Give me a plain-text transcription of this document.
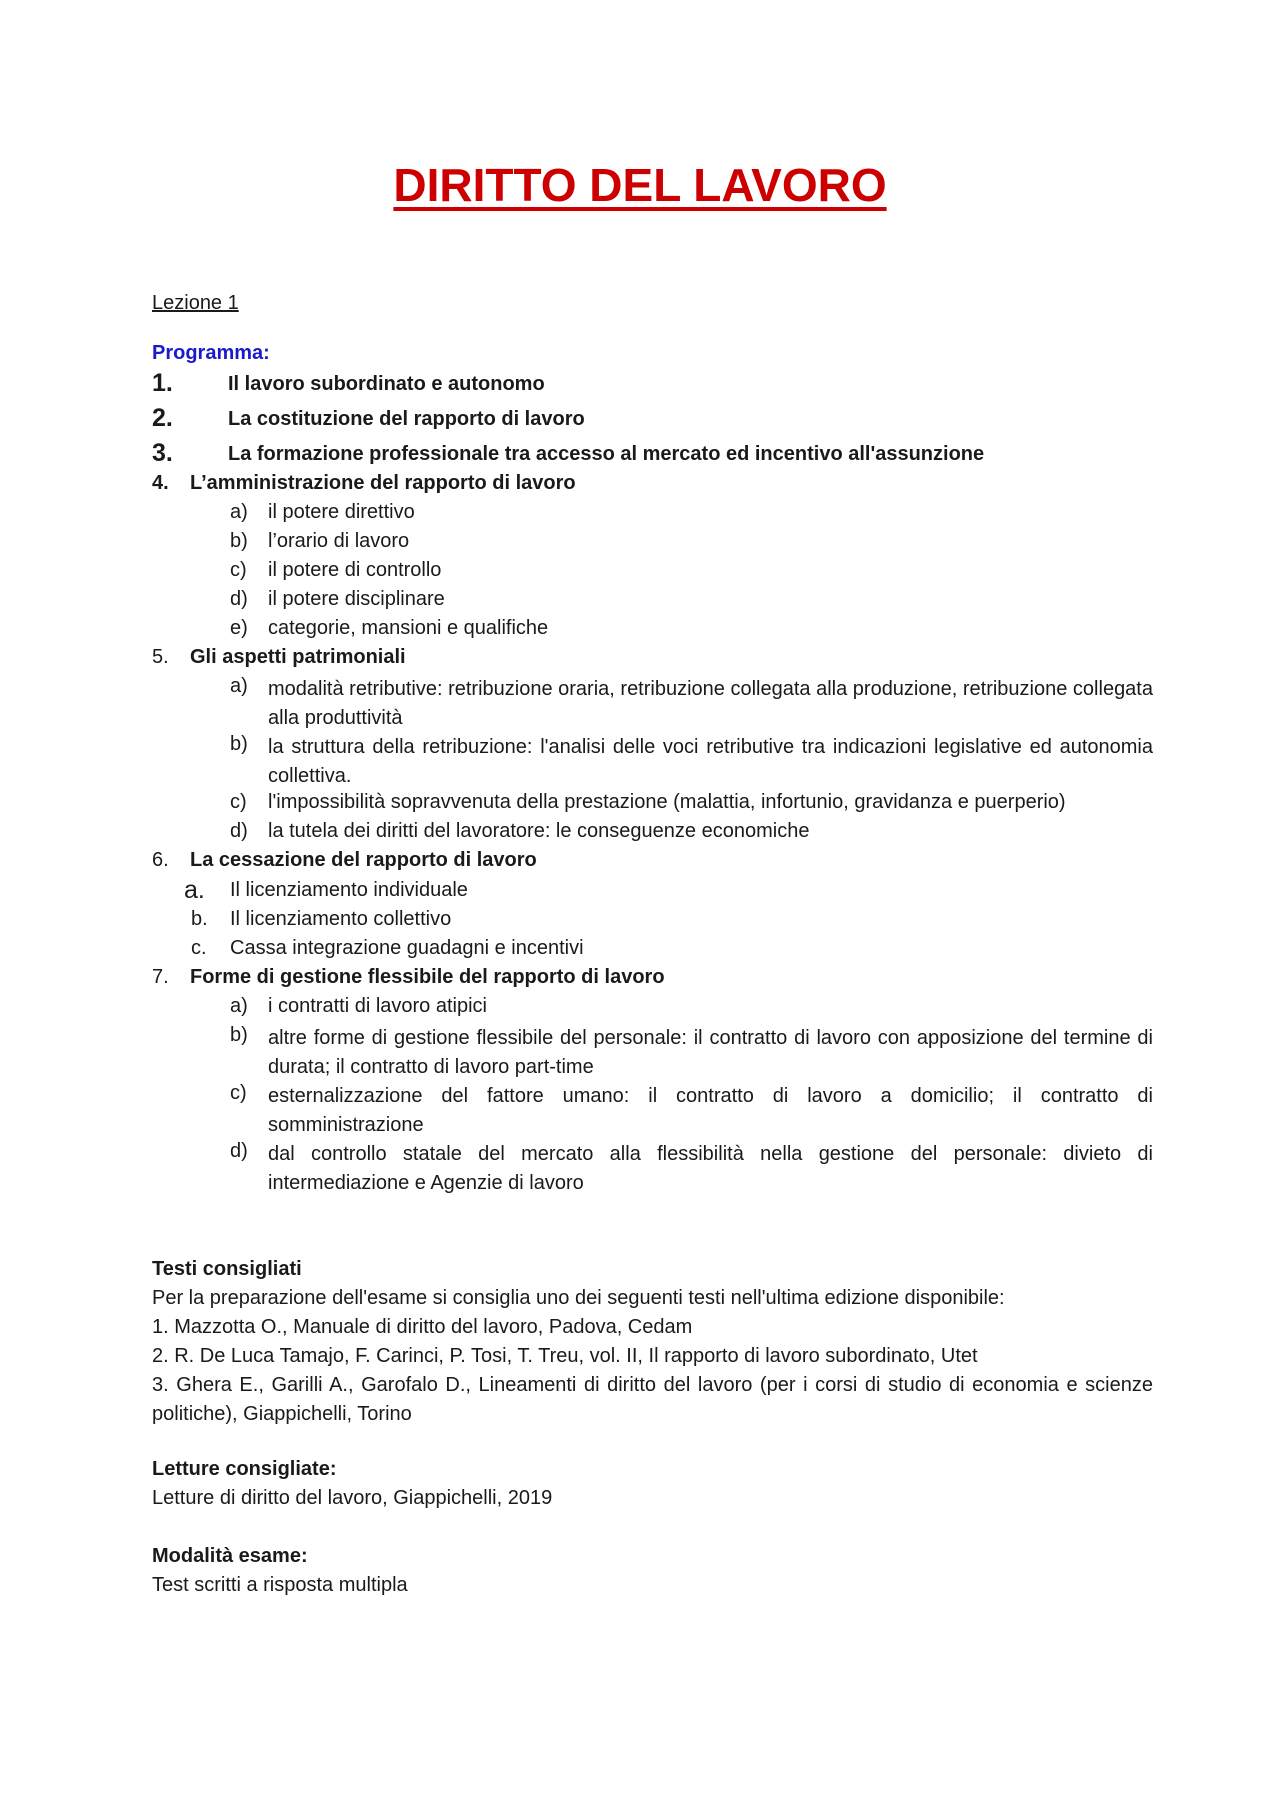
DIRITTO DEL LAVORO
Lezione 1
Programma:
1.	Il lavoro subordinato e autonomo
2.	La costituzione del rapporto di lavoro
3.	La formazione professionale tra accesso al mercato ed incentivo all'assunzione
4. L’amministrazione del rapporto di lavoro
a) il potere direttivo
b) l’orario di lavoro
c) il potere di controllo
d) il potere disciplinare
e) categorie, mansioni e qualifiche
5. Gli aspetti patrimoniali
a) modalità retributive: retribuzione oraria, retribuzione collegata alla produzione, retribuzione collegata alla produttività
b) la struttura della retribuzione: l'analisi delle voci retributive tra indicazioni legislative ed autonomia collettiva.
c) l'impossibilità sopravvenuta della prestazione (malattia, infortunio, gravidanza e puerperio)
d) la tutela dei diritti del lavoratore: le conseguenze economiche
6. La cessazione del rapporto di lavoro
a. Il licenziamento individuale
b. Il licenziamento collettivo
c. Cassa integrazione guadagni e incentivi
7. Forme di gestione flessibile del rapporto di lavoro
a) i contratti di lavoro atipici
b) altre forme di gestione flessibile del personale: il contratto di lavoro con apposizione del termine di durata; il contratto di lavoro part-time
c) esternalizzazione del fattore umano: il contratto di lavoro a domicilio; il contratto di somministrazione
d) dal controllo statale del mercato alla flessibilità nella gestione del personale: divieto di intermediazione e Agenzie di lavoro
Testi consigliati
Per la preparazione dell'esame si consiglia uno dei seguenti testi nell'ultima edizione disponibile:
1. Mazzotta O., Manuale di diritto del lavoro, Padova, Cedam
2. R. De Luca Tamajo, F. Carinci, P. Tosi, T. Treu, vol. II, Il rapporto di lavoro subordinato, Utet
3. Ghera E., Garilli A., Garofalo D., Lineamenti di diritto del lavoro (per i corsi di studio di economia e scienze politiche), Giappichelli, Torino
Letture consigliate:
Letture di diritto del lavoro, Giappichelli, 2019
Modalità esame:
Test scritti a risposta multipla
